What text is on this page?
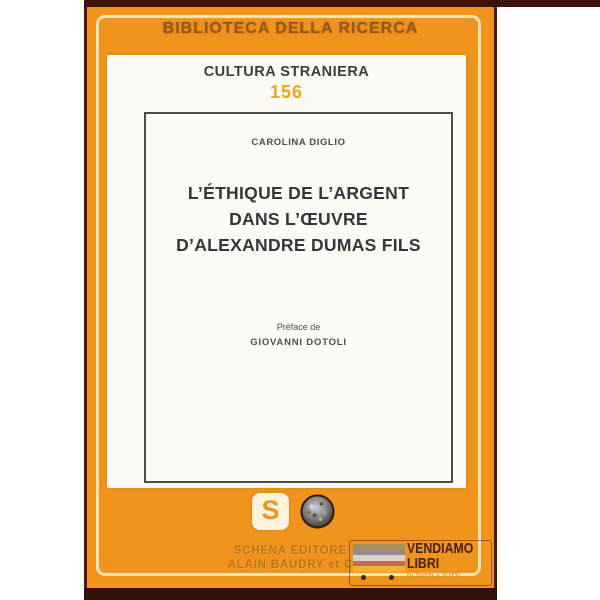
BIBLIOTECA DELLA RICERCA
CULTURA STRANIERA
156
CAROLINA DIGLIO
L’ÉTHIQUE DE L’ARGENT
DANS L’ŒUVRE
D’ALEXANDRE DUMAS FILS
Préface de
GIOVANNI DOTOLI
S
SCHENA EDITORE
ALAIN BAUDRY et C
VENDIAMO
LIBRI
DI TUTTI A TUTTI
